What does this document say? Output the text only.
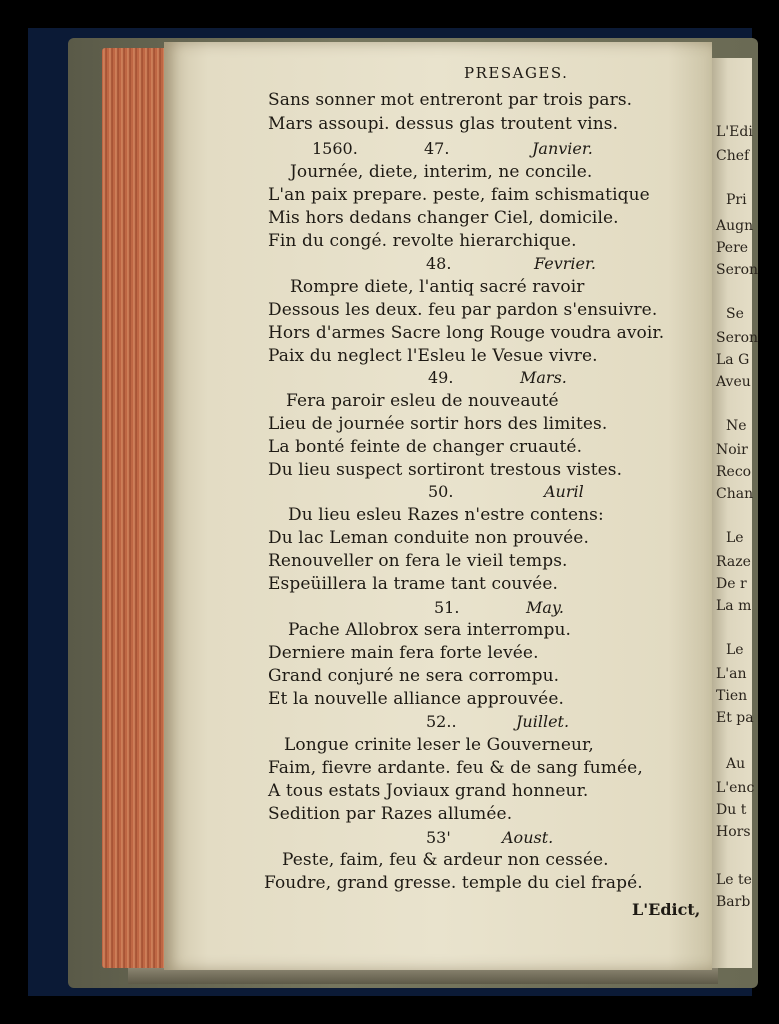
L'Edi
Chef
Pri
Augn
Pere
Seron
Se
Seron
La G
Aveu
Ne
Noir
Reco
Chan
Le
Raze
De r
La m
Le
L'an
Tien
Et pa
Au
L'enc
Du t
Hors
Le te
Barb
PRESAGES.
Sans sonner mot entreront par trois pars.
Mars assoupi. dessus glas troutent vins.
1560.	47.	Janvier.
Journée, diete, interim, ne concile.
L'an paix prepare. peste, faim schismatique
Mis hors dedans changer Ciel, domicile.
Fin du congé. revolte hierarchique.
48.	Fevrier.
Rompre diete, l'antiq sacré ravoir
Dessous les deux. feu par pardon s'ensuivre.
Hors d'armes Sacre long Rouge voudra avoir.
Paix du neglect l'Esleu le Vesue vivre.
49.	Mars.
Fera paroir esleu de nouveauté
Lieu de journée sortir hors des limites.
La bonté feinte de changer cruauté.
Du lieu suspect sortiront trestous vistes.
50.	Auril
Du lieu esleu Razes n'estre contens:
Du lac Leman conduite non prouvée.
Renouveller on fera le vieil temps.
Espeüillera la trame tant couvée.
51.	May.
Pache Allobrox sera interrompu.
Derniere main fera forte levée.
Grand conjuré ne sera corrompu.
Et la nouvelle alliance approuvée.
52..	Juillet.
Longue crinite leser le Gouverneur,
Faim, fievre ardante. feu & de sang fumée,
A tous estats Joviaux grand honneur.
Sedition par Razes allumée.
53'	Aoust.
Peste, faim, feu & ardeur non cessée.
Foudre, grand gresse. temple du ciel frapé.
L'Edict,
